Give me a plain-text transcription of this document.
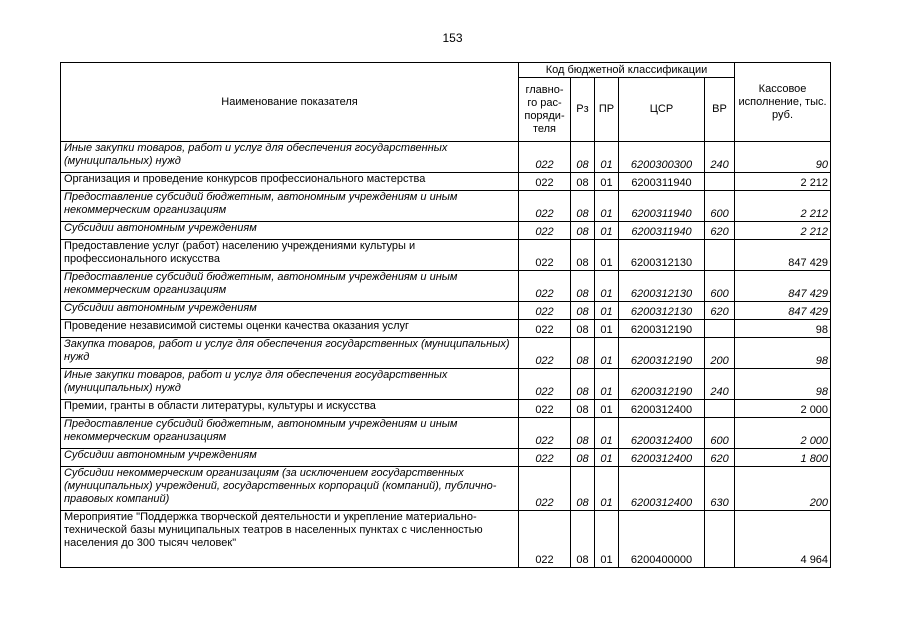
153
Наименование показателя	Код бюджетной классификации					Кассовое исполнение, тыс. руб.
	главно-го рас-поряди-теля	Рз	ПР	ЦСР	ВР	
Иные закупки товаров, работ и услуг для обеспечения государственных (муниципальных) нужд	022	08	01	6200300300	240	90
Организация и проведение конкурсов профессионального мастерства	022	08	01	6200311940		2 212
Предоставление субсидий бюджетным, автономным учреждениям и иным некоммерческим организациям	022	08	01	6200311940	600	2 212
Субсидии автономным учреждениям	022	08	01	6200311940	620	2 212
Предоставление услуг (работ) населению учреждениями культуры и профессионального искусства	022	08	01	6200312130		847 429
Предоставление субсидий бюджетным, автономным учреждениям и иным некоммерческим организациям	022	08	01	6200312130	600	847 429
Субсидии автономным учреждениям	022	08	01	6200312130	620	847 429
Проведение независимой системы оценки качества оказания услуг	022	08	01	6200312190		98
Закупка товаров, работ и услуг для обеспечения государственных (муниципальных) нужд	022	08	01	6200312190	200	98
Иные закупки товаров, работ и услуг для обеспечения государственных (муниципальных) нужд	022	08	01	6200312190	240	98
Премии, гранты в области литературы, культуры и искусства	022	08	01	6200312400		2 000
Предоставление субсидий бюджетным, автономным учреждениям и иным некоммерческим организациям	022	08	01	6200312400	600	2 000
Субсидии автономным учреждениям	022	08	01	6200312400	620	1 800
Субсидии некоммерческим организациям (за исключением государственных (муниципальных) учреждений, государственных корпораций (компаний), публично-правовых компаний)	022	08	01	6200312400	630	200
Мероприятие "Поддержка творческой деятельности и укрепление материально-технической базы муниципальных театров в населенных пунктах с численностью населения до 300 тысяч человек"	022	08	01	6200400000		4 964
